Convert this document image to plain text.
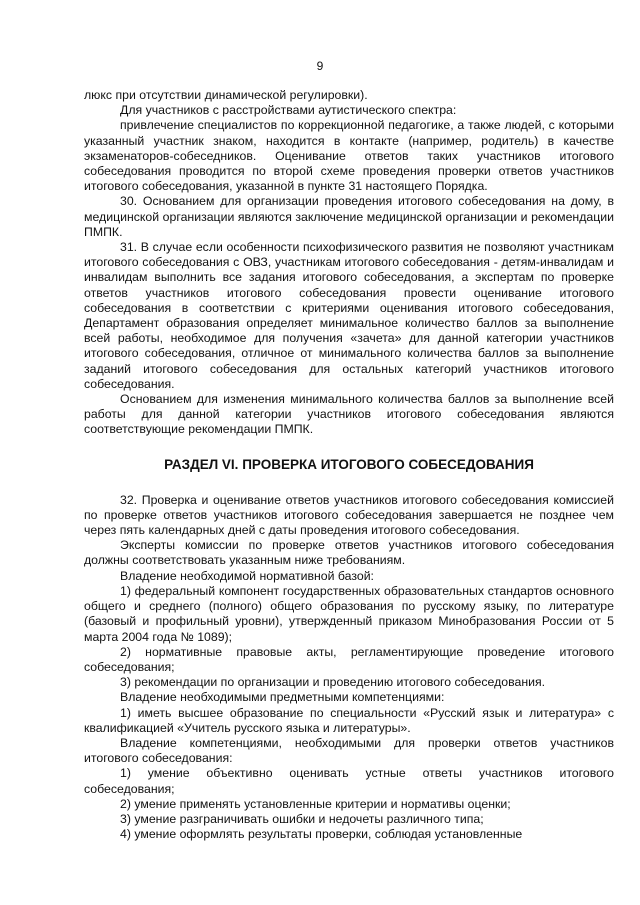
9

люкс при отсутствии динамической регулировки).

Для участников с расстройствами аутистического спектра:

привлечение специалистов по коррекционной педагогике, а также людей, с которыми указанный участник знаком, находится в контакте (например, родитель) в качестве экзаменаторов-собеседников. Оценивание ответов таких участников итогового собеседования проводится по второй схеме проведения проверки ответов участников итогового собеседования, указанной в пункте 31 настоящего Порядка.

30. Основанием для организации проведения итогового собеседования на дому, в медицинской организации являются заключение медицинской организации и рекомендации ПМПК.

31. В случае если особенности психофизического развития не позволяют участникам итогового собеседования с ОВЗ, участникам итогового собеседования - детям-инвалидам и инвалидам выполнить все задания итогового собеседования, а экспертам по проверке ответов участников итогового собеседования провести оценивание итогового собеседования в соответствии с критериями оценивания итогового собеседования, Департамент образования определяет минимальное количество баллов за выполнение всей работы, необходимое для получения «зачета» для данной категории участников итогового собеседования, отличное от минимального количества баллов за выполнение заданий итогового собеседования для остальных категорий участников итогового собеседования.

Основанием для изменения минимального количества баллов за выполнение всей работы для данной категории участников итогового собеседования являются соответствующие рекомендации ПМПК.

РАЗДЕЛ VI. ПРОВЕРКА ИТОГОВОГО СОБЕСЕДОВАНИЯ

32. Проверка и оценивание ответов участников итогового собеседования комиссией по проверке ответов участников итогового собеседования завершается не позднее чем через пять календарных дней с даты проведения итогового собеседования.

Эксперты комиссии по проверке ответов участников итогового собеседования должны соответствовать указанным ниже требованиям.

Владение необходимой нормативной базой:

1) федеральный компонент государственных образовательных стандартов основного общего и среднего (полного) общего образования по русскому языку, по литературе (базовый и профильный уровни), утвержденный приказом Минобразования России от 5 марта 2004 года № 1089);

2) нормативные правовые акты, регламентирующие проведение итогового собеседования;

3) рекомендации по организации и проведению итогового собеседования.

Владение необходимыми предметными компетенциями:

1) иметь высшее образование по специальности «Русский язык и литература» с квалификацией «Учитель русского языка и литературы».

Владение компетенциями, необходимыми для проверки ответов участников итогового собеседования:

1) умение объективно оценивать устные ответы участников итогового собеседования;

2) умение применять установленные критерии и нормативы оценки;

3) умение разграничивать ошибки и недочеты различного типа;

4) умение оформлять результаты проверки, соблюдая установленные
